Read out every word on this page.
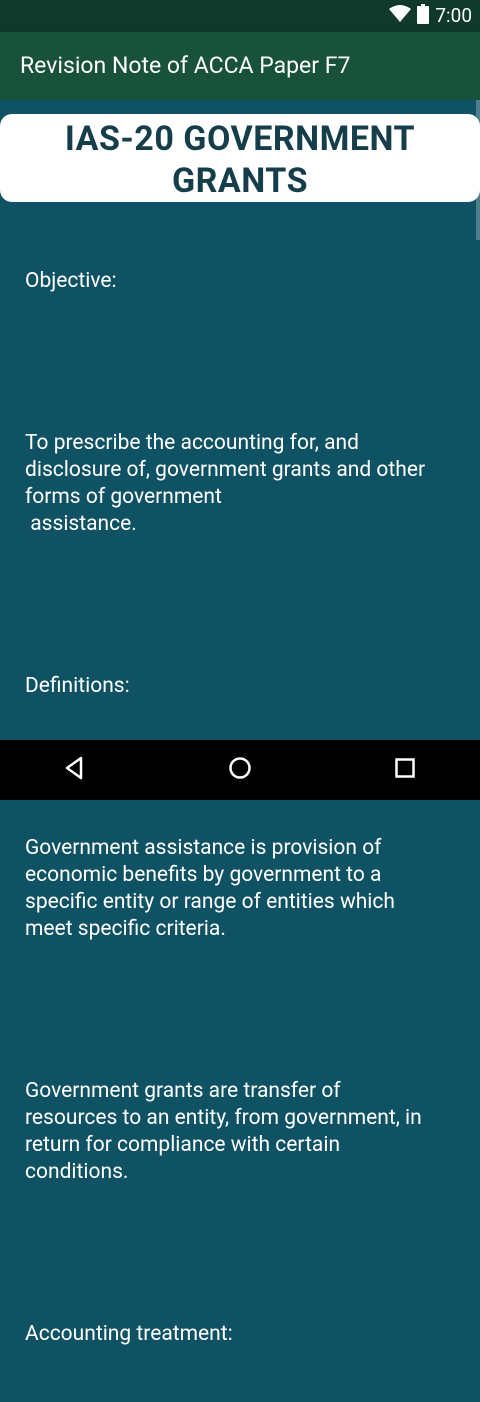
7:00
Revision Note of ACCA Paper F7
IAS-20 GOVERNMENT
GRANTS

Objective:

To prescribe the accounting for, and
disclosure of, government grants and other
forms of government
assistance.

Definitions:

Government assistance is provision of
economic benefits by government to a
specific entity or range of entities which
meet specific criteria.

Government grants are transfer of
resources to an entity, from government, in
return for compliance with certain
conditions.

Accounting treatment:
